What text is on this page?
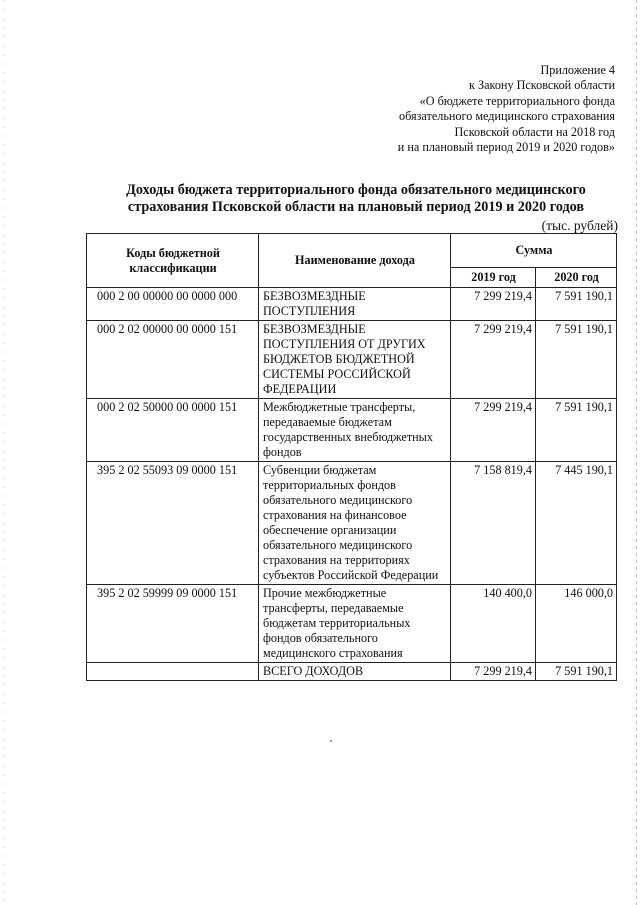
Приложение 4
к Закону Псковской области
«О бюджете территориального фонда
обязательного медицинского страхования
Псковской области на 2018 год
и на плановый период 2019 и 2020 годов»
Доходы бюджета территориального фонда обязательного медицинского
страхования Псковской области на плановый период 2019 и 2020 годов
(тыс. рублей)
Коды бюджетной классификации	Наименование дохода	Сумма	
		2019 год	2020 год
000 2 00 00000 00 0000 000	БЕЗВОЗМЕЗДНЫЕ ПОСТУПЛЕНИЯ	7 299 219,4	7 591 190,1
000 2 02 00000 00 0000 151	БЕЗВОЗМЕЗДНЫЕ ПОСТУПЛЕНИЯ ОТ ДРУГИХ БЮДЖЕТОВ БЮДЖЕТНОЙ СИСТЕМЫ РОССИЙСКОЙ ФЕДЕРАЦИИ	7 299 219,4	7 591 190,1
000 2 02 50000 00 0000 151	Межбюджетные трансферты, передаваемые бюджетам государственных внебюджетных фондов	7 299 219,4	7 591 190,1
395 2 02 55093 09 0000 151	Субвенции бюджетам территориальных фондов обязательного медицинского страхования на финансовое обеспечение организации обязательного медицинского страхования на территориях субъектов Российской Федерации	7 158 819,4	7 445 190,1
395 2 02 59999 09 0000 151	Прочие межбюджетные трансферты, передаваемые бюджетам территориальных фондов обязательного медицинского страхования	140 400,0	146 000,0
	ВСЕГО ДОХОДОВ	7 299 219,4	7 591 190,1
